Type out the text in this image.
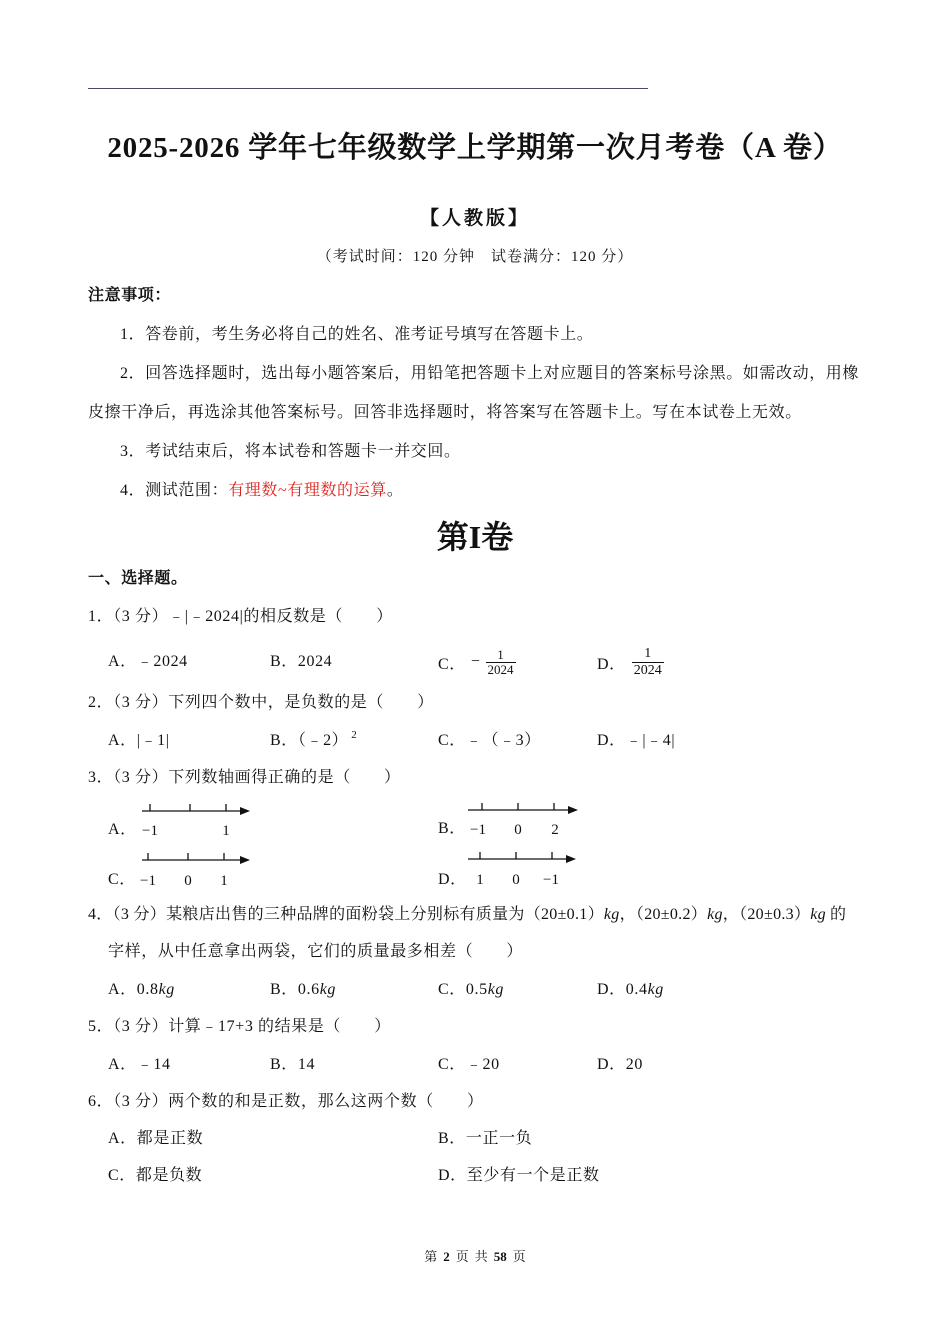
2025-2026 学年七年级数学上学期第一次月考卷（A 卷）
【人教版】
（考试时间：120 分钟　试卷满分：120 分）
注意事项：
1．答卷前，考生务必将自己的姓名、准考证号填写在答题卡上。
2．回答选择题时，选出每小题答案后，用铅笔把答题卡上对应题目的答案标号涂黑。如需改动，用橡
皮擦干净后，再选涂其他答案标号。回答非选择题时，将答案写在答题卡上。写在本试卷上无效。
3．考试结束后，将本试卷和答题卡一并交回。
4．测试范围：有理数~有理数的运算。
第I卷
一、选择题。
1．（3 分）﹣|﹣2024|的相反数是（　　）
A．﹣2024	B．2024	C． − $\frac{1}{2024}$	D． $\frac{1}{2024}$
2．（3 分）下列四个数中，是负数的是（　　）
A．|﹣1|	B．（﹣2） $^2$	C．﹣（﹣3）	D．﹣|﹣4|
3．（3 分）下列数轴画得正确的是（　　）
A． −1	1	B． −1 0 2
C． −1 0 1	D． 1 0 −1
4．（3 分）某粮店出售的三种品牌的面粉袋上分别标有质量为（20±0.1）kg，（20±0.2）kg，（20±0.3）kg 的
字样，从中任意拿出两袋，它们的质量最多相差（　　）
A．0.8kg	B．0.6kg	C．0.5kg	D．0.4kg
5．（3 分）计算﹣17+3 的结果是（　　）
A．﹣14	B．14	C．﹣20	D．20
6．（3 分）两个数的和是正数，那么这两个数（　　）
A．都是正数	B．一正一负
C．都是负数	D．至少有一个是正数
第 2 页 共 58 页
